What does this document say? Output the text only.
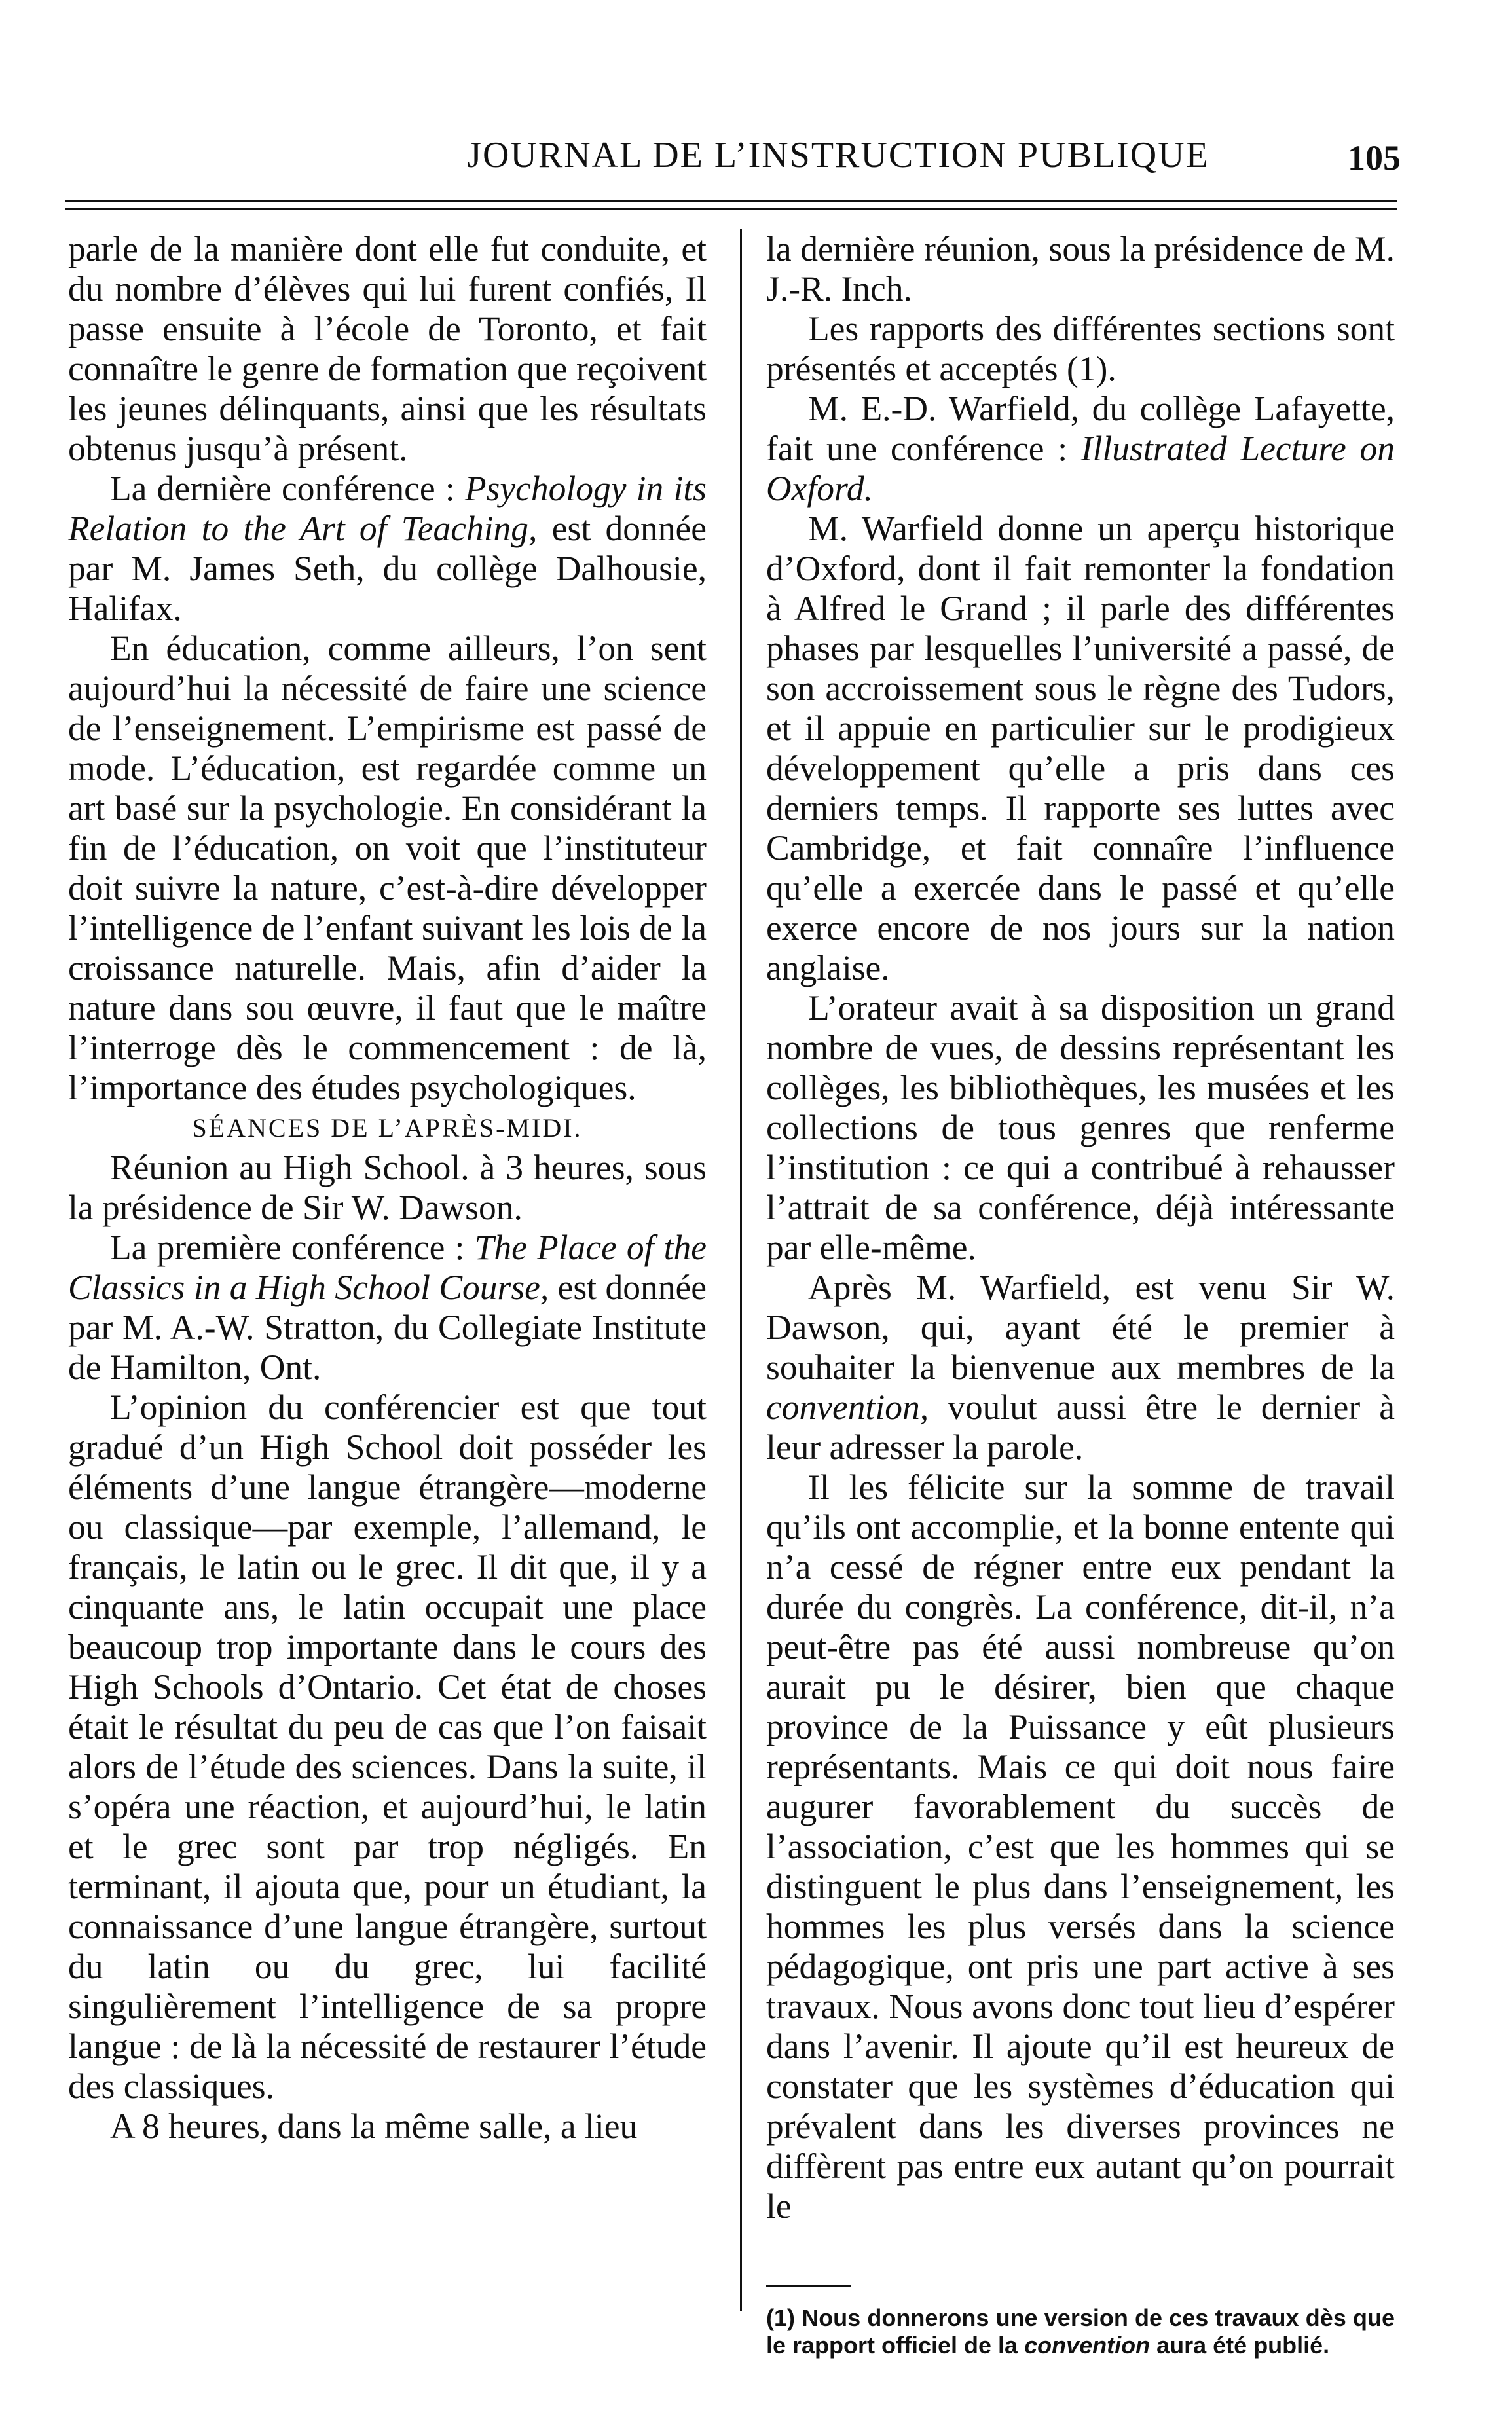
JOURNAL DE L’INSTRUCTION PUBLIQUE	105

parle de la manière dont elle fut conduite, et du nombre d’élèves qui lui furent confiés, Il passe ensuite à l’école de Toronto, et fait connaître le genre de formation que reçoivent les jeunes délinquants, ainsi que les résultats obtenus jusqu’à présent.

La dernière conférence : Psychology in its Relation to the Art of Teaching, est donnée par M. James Seth, du collège Dalhousie, Halifax.

En éducation, comme ailleurs, l’on sent aujourd’hui la nécessité de faire une science de l’enseignement. L’empirisme est passé de mode. L’éducation, est regardée comme un art basé sur la psychologie. En considérant la fin de l’éducation, on voit que l’instituteur doit suivre la nature, c’est-à-dire développer l’intelligence de l’enfant suivant les lois de la croissance naturelle. Mais, afin d’aider la nature dans sou œuvre, il faut que le maître l’interroge dès le commencement : de là, l’importance des études psychologiques.

SÉANCES DE L’APRÈS-MIDI.

Réunion au High School. à 3 heures, sous la présidence de Sir W. Dawson.

La première conférence : The Place of the Classics in a High School Course, est donnée par M. A.-W. Stratton, du Collegiate Institute de Hamilton, Ont.

L’opinion du conférencier est que tout gradué d’un High School doit posséder les éléments d’une langue étrangère—moderne ou classique—par exemple, l’allemand, le français, le latin ou le grec. Il dit que, il y a cinquante ans, le latin occupait une place beaucoup trop importante dans le cours des High Schools d’Ontario. Cet état de choses était le résultat du peu de cas que l’on faisait alors de l’étude des sciences. Dans la suite, il s’opéra une réaction, et aujourd’hui, le latin et le grec sont par trop négligés. En terminant, il ajouta que, pour un étudiant, la connaissance d’une langue étrangère, surtout du latin ou du grec, lui facilité singulièrement l’intelligence de sa propre langue : de là la nécessité de restaurer l’étude des classiques.

A 8 heures, dans la même salle, a lieu

la dernière réunion, sous la présidence de M. J.-R. Inch.

Les rapports des différentes sections sont présentés et acceptés (1).

M. E.-D. Warfield, du collège Lafayette, fait une conférence : Illustrated Lecture on Oxford.

M. Warfield donne un aperçu historique d’Oxford, dont il fait remonter la fondation à Alfred le Grand ; il parle des différentes phases par lesquelles l’université a passé, de son accroissement sous le règne des Tudors, et il appuie en particulier sur le prodigieux développement qu’elle a pris dans ces derniers temps. Il rapporte ses luttes avec Cambridge, et fait connaîre l’influence qu’elle a exercée dans le passé et qu’elle exerce encore de nos jours sur la nation anglaise.

L’orateur avait à sa disposition un grand nombre de vues, de dessins représentant les collèges, les bibliothèques, les musées et les collections de tous genres que renferme l’institution : ce qui a contribué à rehausser l’attrait de sa conférence, déjà intéressante par elle-même.

Après M. Warfield, est venu Sir W. Dawson, qui, ayant été le premier à souhaiter la bienvenue aux membres de la convention, voulut aussi être le dernier à leur adresser la parole.

Il les félicite sur la somme de travail qu’ils ont accomplie, et la bonne entente qui n’a cessé de régner entre eux pendant la durée du congrès. La conférence, dit-il, n’a peut-être pas été aussi nombreuse qu’on aurait pu le désirer, bien que chaque province de la Puissance y eût plusieurs représentants. Mais ce qui doit nous faire augurer favorablement du succès de l’association, c’est que les hommes qui se distinguent le plus dans l’enseignement, les hommes les plus versés dans la science pédagogique, ont pris une part active à ses travaux. Nous avons donc tout lieu d’espérer dans l’avenir. Il ajoute qu’il est heureux de constater que les systèmes d’éducation qui prévalent dans les diverses provinces ne diffèrent pas entre eux autant qu’on pourrait le

(1) Nous donnerons une version de ces travaux dès que le rapport officiel de la convention aura été publié.
